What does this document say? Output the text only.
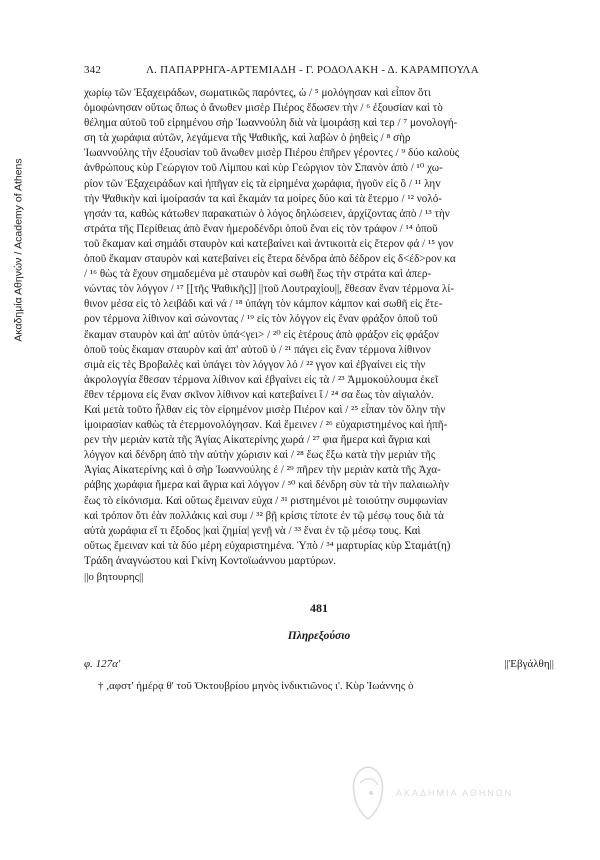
Ακαδημία Αθηνών / Academy of Athens
342	Λ. ΠΑΠΑΡΡΗΓΑ-ΑΡΤΕΜΙΑΔΗ - Γ. ΡΟΔΟΛΑΚΗ - Δ. ΚΑΡΑΜΠΟΥΛΑ

χωρίῳ τῶν Ἐξαχειράδων, σωματικῶς παρόντες, ὠ / ⁵ μολόγησαν καὶ εἶπον ὅτι

ὁμοφώνησαν οὕτως ὅπως ὁ ἄνωθεν μισὲρ Πιέρος ἔδωσεν τὴν / ⁶ ἐξουσίαν καὶ τὸ

θέλημα αὐτοῦ τοῦ εἰρημένου σὴρ Ἰωαννούλη διὰ νὰ ἰμοιράσῃ καὶ τερ / ⁷ μονολογή-

ση τὰ χωράφια αὐτῶν, λεγάμενα τῆς Ψαθικῆς, καὶ λαβὼν ὁ ῥηθεὶς / ⁸ σὴρ

Ἰωαννούλης τὴν ἐξουσίαν τοῦ ἄνωθεν μισὲρ Πιέρου ἐπῆρεν γέροντες / ⁹ δύο καλοὺς

ἀνθρώπους κὺρ Γεώργιον τοῦ Λίμπου καὶ κὺρ Γεώργιον τὸν Σπανὸν ἀπὸ / ¹⁰ χω-

ρίον τῶν Ἐξαχειράδων καὶ ἠπῆγαν εἰς τὰ εἰρημένα χωράφια, ἠγοῦν εἰς ὃ / ¹¹ ληv

τὴν Ψαθικὴν καὶ ἰμοίρασάν τα καὶ ἔκαμάν τα μοίρες δύο καὶ τὰ ἔτερμο / ¹² νολό-

γησάν τα, καθὼς κάτωθεν παρακατιὼν ὁ λόγος δηλώσειεν, ἀρχίζοντας ἀπὸ / ¹³ τὴν

στράτα τῆς Περίθειας ἀπὸ ἕναν ἡμεροδένδρι ὁποῦ ἔναι εἰς τὸν τράφον / ¹⁴ ὁποῦ

τοῦ ἔκαμαν καὶ σημάδι σταυρὸν καὶ κατεβαίνει καὶ ἀντικοιτὰ εἰς ἕτερον φά / ¹⁵ γον

ὁποῦ ἔκαμαν σταυρὸν καὶ κατεβαίνει εἰς ἕτερα δένδρα ἀπὸ δέδρον εἰς δ<έδ>ρον κα

/ ¹⁶ θὼς τὰ ἔχουν σημαδεμένα μὲ σταυρὸν καὶ σωθῆ ἕως τὴν στράτα καὶ ἀπερ-

νώντας τὸν λόγγον / ¹⁷ [[τῆς Ψαθικῆς]] ||τοῦ Λουτραχίου||, ἔθεσαν ἕναν τέρμονα λί-

θινον μέσα εἰς τὸ λειβάδι καὶ νά / ¹⁸ ὑπάγη τὸν κάμπον κάμπον καὶ σωθῆ εἰς ἕτε-

ρον τέρμονα λίθινον καὶ σώνοντας / ¹⁹ εἰς τὸν λόγγον εἰς ἕναν φράξον ὁποῦ τοῦ

ἔκαμαν σταυρὸν καὶ ἀπ' αὐτὸν ὑπά<γει> / ²⁰ εἰς ἑτέρους ἀπὸ φράξον εἰς φράξον

ὁποῦ τοὺς ἔκαμαν σταυρὸν καὶ ἀπ' αὐτοῦ ὑ / ²¹ πάγει εἰς ἕναν τέρμονα λίθινον

σιμὰ εἰς τὲς Βροβαλὲς καὶ ὑπάγει τὸν λόγγον λό / ²² γγον καὶ ἐβγαίνει εἰς τὴν

ἀκρολογγία ἔθεσαν τέρμονα λίθινον καὶ ἐβγαίνει εἰς τὰ / ²³ Ἀμμοκούλουμα ἐκεῖ

ἔθεν τέρμονα εἰς ἕναν σκῖνον λίθινον καὶ κατεβαίνει ἴ / ²⁴ σα ἕως τὸν αἰγιαλόν.

Καὶ μετὰ τοῦτο ἦλθαν εἰς τὸν εἰρημένον μισὲρ Πιέρον καὶ / ²⁵ εἶπαν τὸν ὅλην τὴν

ἰμοιρασίαν καθὼς τὰ ἐτερμονολόγησαν. Καὶ ἔμεινεν / ²⁶ εὐχαριστημένος καὶ ἠπῆ-

ρεν τὴν μεριὰν κατὰ τῆς Ἁγίας Αἰκατερίνης χωρά / ²⁷ φια ἥμερα καὶ ἄγρια καὶ

λόγγον καὶ δένδρη ἀπὸ τὴν αὐτὴν χώρισιν καὶ / ²⁸ ἕως ἔξω κατὰ τὴν μεριὰν τῆς

Ἁγίας Αἰκατερίνης καὶ ὁ σὴρ Ἰωαννούλης ἐ / ²⁹ πῆρεν τὴν μεριὰν κατὰ τῆς Ἀχα-

ράβης χωράφια ἥμερα καὶ ἄγρια καὶ λόγγον / ³⁰ καὶ δένδρη σὺν τὰ τὴν παλαιωλὴν

ἕως τὸ εἰκόνισμα. Καὶ οὕτως ἔμειναν εὐχα / ³¹ ριστημένοι μὲ τοιούτην συμφωνίαν

καὶ τρόπον ὅτι ἐὰν πολλάκις καὶ συμ / ³² βῇ κρίσις τίποτε ἐν τῷ μέσῳ τους διὰ τὰ

αὐτὰ χωράφια εἴ τι ἔξοδος |καὶ ζημία| γενῇ νὰ / ³³ ἔναι ἐν τῷ μέσῳ τους. Καὶ

οὕτως ἔμειναν καὶ τὰ δύο μέρη εὐχαριστημένα. Ὑπὸ / ³⁴ μαρτυρίας κὺρ Σταμάτ(η)

Τράδη ἀναγνώστου καὶ Γκίνη Κοντοϊωάννου μαρτύρων.

||ο βητουρης||
481
Πληρεξούσιο
φ. 127α'	||Ἐβγάλθη||
† ,αφστ' ἡμέρᾳ θ' τοῦ Ὀκτουβρίου μηνὸς ἰνδικτιῶνος ι'. Κὺρ Ἰωάννης ὁ
ΑΚΑΔΗΜΙΑ ΑΘΗΝΩΝ
